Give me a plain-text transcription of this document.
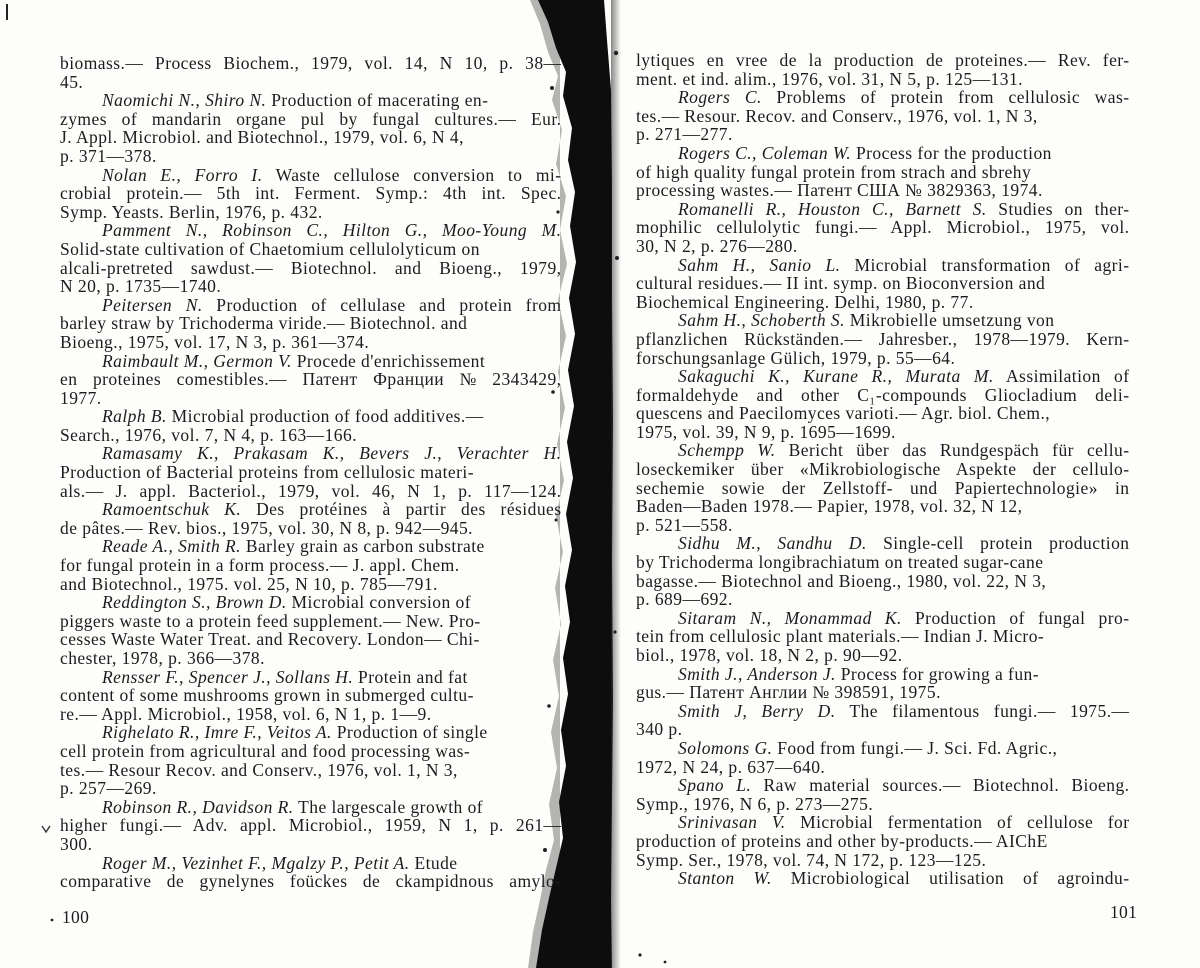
biomass.— Process Biochem., 1979, vol. 14, N 10, p. 38—
45.
Naomichi N., Shiro N. Production of macerating en-
zymes of mandarin organe pul by fungal cultures.— Eur.
J. Appl. Microbiol. and Biotechnol., 1979, vol. 6, N 4,
p. 371—378.
Nolan E., Forro I. Waste cellulose conversion to mi-
crobial protein.— 5th int. Ferment. Symp.: 4th int. Spec.
Symp. Yeasts. Berlin, 1976, p. 432.
Pamment N., Robinson C., Hilton G., Moo-Young M.
Solid-state cultivation of Chaetomium cellulolyticum on
alcali-pretreted sawdust.— Biotechnol. and Bioeng., 1979,
N 20, p. 1735—1740.
Peitersen N. Production of cellulase and protein from
barley straw by Trichoderma viride.— Biotechnol. and
Bioeng., 1975, vol. 17, N 3, p. 361—374.
Raimbault M., Germon V. Procede d'enrichissement
en proteines comestibles.— Патент Франции № 2343429,
1977.
Ralph B. Microbial production of food additives.—
Search., 1976, vol. 7, N 4, p. 163—166.
Ramasamy K., Prakasam K., Bevers J., Verachter H.
Production of Bacterial proteins from cellulosic materi-
als.— J. appl. Bacteriol., 1979, vol. 46, N 1, p. 117—124.
Ramoentschuk K. Des protéines à partir des résidues
de pâtes.— Rev. bios., 1975, vol. 30, N 8, p. 942—945.
Reade A., Smith R. Barley grain as carbon substrate
for fungal protein in a form process.— J. appl. Chem.
and Biotechnol., 1975. vol. 25, N 10, p. 785—791.
Reddington S., Brown D. Microbial conversion of
piggers waste to a protein feed supplement.— New. Pro-
cesses Waste Water Treat. and Recovery. London— Chi-
chester, 1978, p. 366—378.
Rensser F., Spencer J., Sollans H. Protein and fat
content of some mushrooms grown in submerged cultu-
re.— Appl. Microbiol., 1958, vol. 6, N 1, p. 1—9.
Righelato R., Imre F., Veitos A. Production of single
cell protein from agricultural and food processing was-
tes.— Resour Recov. and Conserv., 1976, vol. 1, N 3,
p. 257—269.
Robinson R., Davidson R. The largescale growth of
higher fungi.— Adv. appl. Microbiol., 1959, N 1, p. 261—
300.
Roger M., Vezinhet F., Mgalzy P., Petit A. Etude
comparative de gynelynes foückes de ckampidnous amylo-
100
lytiques en vree de la production de proteines.— Rev. fer-
ment. et ind. alim., 1976, vol. 31, N 5, p. 125—131.
Rogers C. Problems of protein from cellulosic was-
tes.— Resour. Recov. and Conserv., 1976, vol. 1, N 3,
p. 271—277.
Rogers C., Coleman W. Process for the production
of high quality fungal protein from strach and sbrehy
processing wastes.— Патент США № 3829363, 1974.
Romanelli R., Houston C., Barnett S. Studies on ther-
mophilic cellulolytic fungi.— Appl. Microbiol., 1975, vol.
30, N 2, p. 276—280.
Sahm H., Sanio L. Microbial transformation of agri-
cultural residues.— II int. symp. on Bioconversion and
Biochemical Engineering. Delhi, 1980, p. 77.
Sahm H., Schoberth S. Mikrobielle umsetzung von
pflanzlichen Rückständen.— Jahresber., 1978—1979. Kern-
forschungsanlage Gülich, 1979, p. 55—64.
Sakaguchi K., Kurane R., Murata M. Assimilation of
formaldehyde and other C₁-compounds Gliocladium deli-
quescens and Paecilomyces varioti.— Agr. biol. Chem.,
1975, vol. 39, N 9, p. 1695—1699.
Schempp W. Bericht über das Rundgespäch für cellu-
loseckemiker über «Mikrobiologische Aspekte der cellulo-
sechemie sowie der Zellstoff- und Papiertechnologie» in
Baden—Baden 1978.— Papier, 1978, vol. 32, N 12,
p. 521—558.
Sidhu M., Sandhu D. Single-cell protein production
by Trichoderma longibrachiatum on treated sugar-cane
bagasse.— Biotechnol and Bioeng., 1980, vol. 22, N 3,
p. 689—692.
Sitaram N., Monammad K. Production of fungal pro-
tein from cellulosic plant materials.— Indian J. Micro-
biol., 1978, vol. 18, N 2, p. 90—92.
Smith J., Anderson J. Process for growing a fun-
gus.— Патент Англии № 398591, 1975.
Smith J, Berry D. The filamentous fungi.— 1975.—
340 p.
Solomons G. Food from fungi.— J. Sci. Fd. Agric.,
1972, N 24, p. 637—640.
Spano L. Raw material sources.— Biotechnol. Bioeng.
Symp., 1976, N 6, p. 273—275.
Srinivasan V. Microbial fermentation of cellulose for
production of proteins and other by-products.— AIChE
Symp. Ser., 1978, vol. 74, N 172, p. 123—125.
Stanton W. Microbiological utilisation of agroindu-
101
